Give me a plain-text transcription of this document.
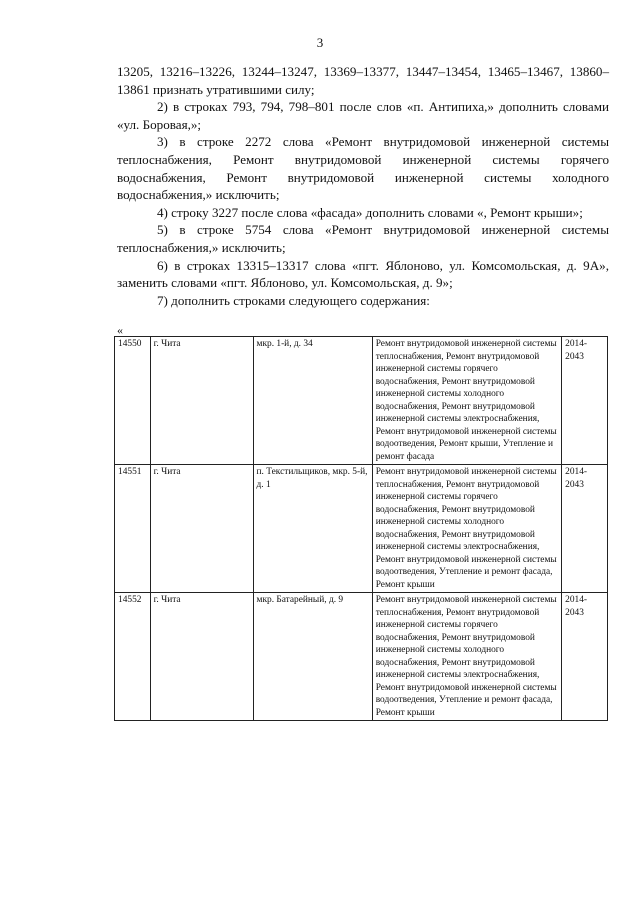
3

13205, 13216–13226, 13244–13247, 13369–13377, 13447–13454, 13465–13467, 13860–13861 признать утратившими силу;

2) в строках 793, 794, 798–801 после слов «п. Антипиха,» дополнить словами «ул. Боровая,»;

3) в строке 2272 слова «Ремонт внутридомовой инженерной системы теплоснабжения, Ремонт внутридомовой инженерной системы горячего водоснабжения, Ремонт внутридомовой инженерной системы холодного водоснабжения,» исключить;

4) строку 3227 после слова «фасада» дополнить словами «, Ремонт крыши»;

5) в строке 5754 слова «Ремонт внутридомовой инженерной системы теплоснабжения,» исключить;

6) в строках 13315–13317 слова «пгт. Яблоново, ул. Комсомольская, д. 9А», заменить словами «пгт. Яблоново, ул. Комсомольская, д. 9»;

7) дополнить строками следующего содержания:

«
14550	г. Чита	мкр. 1-й, д. 34	Ремонт внутридомовой инженерной системы теплоснабжения, Ремонт внутридомовой инженерной системы горячего водоснабжения, Ремонт внутридомовой инженерной системы холодного водоснабжения, Ремонт внутридомовой инженерной системы электроснабжения, Ремонт внутридомовой инженерной системы водоотведения, Ремонт крыши, Утепление и ремонт фасада	2014-2043
14551	г. Чита	п. Текстильщиков, мкр. 5-й, д. 1	Ремонт внутридомовой инженерной системы теплоснабжения, Ремонт внутридомовой инженерной системы горячего водоснабжения, Ремонт внутридомовой инженерной системы холодного водоснабжения, Ремонт внутридомовой инженерной системы электроснабжения, Ремонт внутридомовой инженерной системы водоотведения, Утепление и ремонт фасада, Ремонт крыши	2014-2043
14552	г. Чита	мкр. Батарейный, д. 9	Ремонт внутридомовой инженерной системы теплоснабжения, Ремонт внутридомовой инженерной системы горячего водоснабжения, Ремонт внутридомовой инженерной системы холодного водоснабжения, Ремонт внутридомовой инженерной системы электроснабжения, Ремонт внутридомовой инженерной системы водоотведения, Утепление и ремонт фасада, Ремонт крыши	2014-2043
